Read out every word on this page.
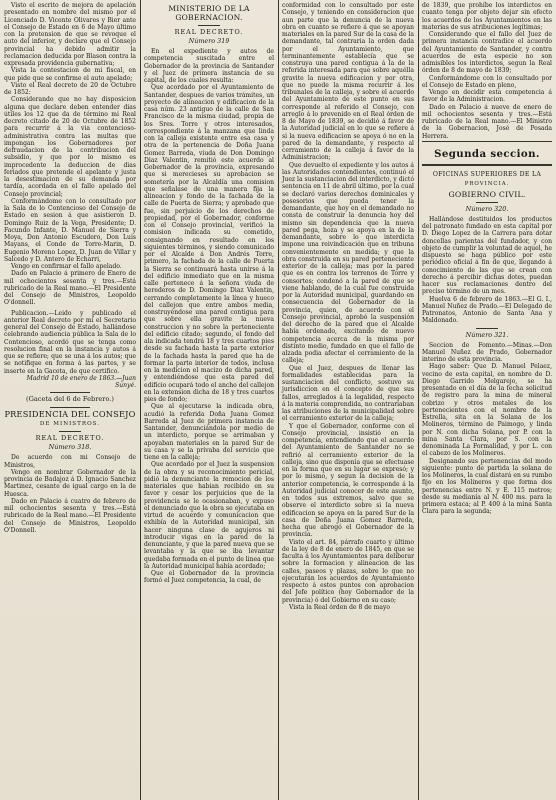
Visto el escrito de mejora de apelación presentado en nombre del mismo por el Licenciado D. Vicente Olivares y Bier ante el Consejo de Estado en 6 de Mayo último con la pretension de que se revoque el auto del inferior, y declare que el Consejo provincial ha debido admitir la reclamacion deducida por Blason contra la expresada providencia gubernativa;

Vista la contestacion de mi fiscal, en que pide que se confirme el auto apelado;

Visto el Real decreto de 20 de Octubre de 1852:

Considerando que no hay disposicion alguna que declare deben entender dias útiles los 12 que da de término mi Real decreto citado de 20 de Octubre de 1852 para recurrir á la via contencioso-administrativa contra las multas que impongan los Gobernadores por defraudacion de la contribucion del subsidio, y que por lo mismo es improcedente la deduccion de dias feriados que pretende el apelante y justa la desestimacion de su demanda por tardía, acordada en el fallo apelado del Consejo provincial;

Conformándome con lo consultado por la Sala de lo Contencioso del Consejo de Estado en sesion á que asistieron D. Domingo Ruiz de la Vega, Presidente; D. Facundo Infante, D. Manuel de Sierra y Moya, Don Antonio Escudero, Don Luis Mayans, el Conde de Torre-Marin, D. Eugenio Moreno Lopez, D. Juan de Villar y Salcedo y D. Antero de Echarri,

Vengo en confirmar el fallo apelado.

Dado en Palacio á primero de Enero de mil ochocientos sesenta y tres.—Está rubricado de la Real mano.—El Presidente del Consejo de Ministros, Leopoldo O'donnell.

Publicacion.—Leido y publicado el anterior Real decreto por mí el Secretario general del Consejo de Estado, hallándose celebrando audiencia pública la Sala de lo Contencioso, acordó que se tenga como resolucion final en la instancia y autos á que se refiere; que se una á los autos; que se notifique en forma á las partes, y se inserte en la Gaceta, de que certifico.

Madrid 10 de enero de 1863.—Juan Sunyé.

(Gaceta del 6 de Febrero.)

PRESIDENCIA DEL CONSEJO
DE MINISTROS.
REAL DECRETO.
Número 318.

De acuerdo con mi Consejo de Ministros,

Vengo en nombrar Gobernador de la provincia de Badajoz á D. Ignacio Sanchez Martinez, cesante de igual cargo en la de Huesca.

Dado en Palacio á cuatro de febrero de mil ochocientos sesenta y tres.—Está rubricado de la Real mano.—El Presidente del Consejo de Ministros, Leopoldo O'Donnell.

MINISTERIO DE LA GOBERNACION.
REAL DECRETO.
Número 319

En el expediente y autos de competencia suscitada entre el Gobernador de la provincia de Santander y el Juez de primera instancia de su capital, de los cuales resulta:

Que acordado por el Ayuntamiento de Santander, despues de varios trámites, un proyecto de alineacion y edificacion de la casa núm. 23 antiguo de la calle de San Francisco de la misma ciudad, propia de los Sres. Torre y otros interesados, correspondiente á la manzana que linda con la calleja existente entre esa casa y otra de la pertenencia de Doña Juana Gomez Barreda, viuda de Don Domingo Diaz Valentin, remitió este acuerdo al Gobernador de la provincia, expresando que si merecieses su aprobacion se sometería por la Alcaldía una comision que señalase de una manera fija la alineacion y fondo de la fachada de la calle de Puerta de Sierra; y aprobado que fue, sin perjuicio de los derechos de propiedad, por el Gobernador, conforme con el Consejo provincial, verificó la comision indicada su cometido, consignando en resultado en los siguientes términos, y siendo comunicado por el Alcalde á Don Andrés Torre, primero, la fachada de la calle de Puerta la Sierra se continuará hasta unirse á la del edificio inmediato que en la misma calle pertenece á la señora viuda de herederos de D. Domingo Diaz Valentin, cerrando completamente la línea y hueco del callejon que entre ambos media, construyéndose una pared contigua para que sobre ella gravite la nueva construccion y no sobre la perteneciente del edificio citado; segundo, el fondo del ala indicada tendrá 18 y tres cuartos pies desde su fachada hasta la parte exterior de la fachada hasta la pared que ha de formar la parte interior de todos, inclusa en la medicion el macizo de dicha pared, y entendiéndose que esta pared del edificio ocupará todo el ancho del callejon en la extension dicha de 18 y tres cuartos pies de fondo;

Que al ejecutarse la indicada obra, acudió la referida Doña Juana Gomez Barreda al Juez de primera instancia de Santander, denunciándola por medio de un interdicto, porque se arrimaban y apoyaban materiales en la pared Sur de su casa y se la privaba del servicio que tiene en la calleja;

Que acordado por el Juez la suspension de la obra y su reconocimiento pericial, pidió la denunciante la remocion de los materiales que habian recibido en su favor y cesar los perjuicios que de la providencia se le ocasionaban, y expuso el denunciado que la obra se ejecutaba en virtud de acuerdo y comunicacion que exhibía de la Autoridad municipal, sin hacer ninguna clase de agujeros ni introducir vigas en la pared de la denunciante, y que la pared nueva que se levantaba y la que se iba levantar quedaba formada en el punto de linea que la Autoridad municipal había acordado;

Que el Gobernador de la provincia formó el Juez competencia, la cual, de

conformidad con lo consultado por este Consejo, y teniendo en consideracion que aun parte que la denuncia de la nueva obra en cuanto se refiere á que se apoyan materiales en la pared Sur de la casa de la demandante, tal contraria la orden dada por el Ayuntamiento, que terminantemente establecía que se construya una pared contigua á la de la referida interesada para que sobre aquélla gravite la nueva edificacion y por otra, que no puede la misma recurrir á los tribunales de la calleja, y sobre el acuerdo del Ayuntamiento de este punto en sus corresponde al referido el Consejo, con arreglo á lo prevenido en el Real órden de 8 de Mayo de 1839, se decidió á favor de la Autoridad judicial en lo que se refiere á si la nueva edificacion se apoya ó no en la pared de la demandante, y respecto al cerramiento de la calleja á favor de la Administracion;

Que devuelto el expediente y los autos á las Autoridades contendientes, continuó el Juez la sustanciacion del interdicto, y dictó sentencia en 11 de abril último, por la cual se declaró varios derechos dominicales y posesorios que pueda tener la demandante, que hoy en el demandado no consta de construir la denuncia hoy del mismo sin dependencia que la nueva pared pega, hoza y se apoya en la de la demandante, sobre lo que interdicta impone una reivindicación que en tribuna convenientemente en medida; y que la obra construida en su pared perteneciente exterior de la calleja; mas por la pared que es en contra los terrenos de Torre y consortes; condenó a la pared de que se viene hablando, de la cual fue construida por la Autoridad municipal, guardando en consecuencia del Gobernador de la provincia, quien, de acuerdo con el Consejo provincial, aprobó la suspensión del derecho de la pared que el Alcalde había ordenado, excitando de nuevo competencia acerca de la misma por distinto medio, fundado en que el fallo de alzada podia afectar el cerramiento de la calleja;

Que el Juez, despues de llenar las formalidades establecidas para la sustanciacion del conflicto, sostuvo su jurisdiccion en el concepto de que sus fallos, arreglados á la legalidad, respecto á la materia comprendida, no contrariaban las atribuciones de la municipalidad sobre el cerramiento exterior de la calleja;

Y que el Gobernador, conforme con el Consejo provincial, insistió en la competencia, entendiendo que el acuerdo del Ayuntamiento de Santander no se refirió al cerramiento exterior de la calleja, sino que disponía que se efectuase en la forma que en su lugar se expresó; y por lo mismo, y segun la decision de la anterior competencia, le corresponde á la Autoridad judicial conocer de este asunto, en todos sus extremos, salvo que se observe el interdicto sobre si la nueva edificacion se apoya en la pared Sur de la casa de Doña Juana Gomez Barreda, hecha que abrogó el Gobernador de la provincia.

Visto el art. 84, párrafo cuarto y último de la ley de 8 de enero de 1845, en que se faculta á los Ayuntamientos para deliberar sobre la formacion y alineacion de las calles, paseos y plazas, sobre lo que no ejecutarán los acuerdos de Ayuntamiento respecto á estos puntos con aprobacion del Jefe político (hoy Gobernador de la provincia) ó del Gobierno en su caso;

Vista la Real órden de 8 de mayo

de 1839, que prohíbe los interdictos en cuanto tenga por objeto dejar sin efecto los acuerdos de los Ayuntamientos en las materias de sus atribuciones legítimas;

Considerando que el fallo del Juez de primera instancia contradice el acuerdo del Ayuntamiento de Santander, y contra acuerdos de esta especie no son admisibles los interdictos, segun la Real órden de 8 de mayo de 1839;

Conformándome con lo consultado por el Consejo de Estado en pleno,

Vengo en decidir esta competencia á favor de la Administracion.

Dado en Palacio á nueve de enero de mil ochocientos sesenta y tres.—Está rubricado de la Real mano.—El Ministro de la Gobernacion, José de Posada Herrera.

Segunda seccion.
OFICINAS SUPERIORES DE LA
PROVINCIA.
GOBIERNO CIVIL.
Número 320.

Hallándose destituidos los productos del patronato fundado en esta capital por D. Diego Lopez de la Carrera para dotar doncellas parientas del fundador, y con objeto de cumplir la voluntad de aquel, he dispuesto se haga público por este periódico oficial á fin de que, llegando á conocimiento de las que se crean con derecho á percibir dichas dotes, puedan hacer sus reclamaciones dentro del preciso término de un mes.

Huelva 6 de febrero de 1863.—El G. I., Manuel Nuñez de Prado.—El Delegado de Patronatos, Antonio de Santa Ana y Maldonado.

Número 321.

Seccion de Fomento.—Minas.—Don Manuel Nuñez de Prado, Gobernador interino de esta provincia.

Hago saber: Que D. Manuel Pelaez, vecino de esta capital, en nombre de D. Diego Garrido Melgarejo, se ha presentado en el día de la fecha solicitud de registro para la mina de mineral cobrizo y otros metales de los pertenecientes con el nombre de la Estrella, sita en la Solana de los Molineros, término de Paimogo, y linda por N. con dicha Solana, por P. con la mina Santa Clara, por S. con la denominada La Formalidad, y por L. con el cabezo de los Molineros.

Designando sus pertenencias del modo siguiente: punto de partida la solana de los Molineros, la cual distará en su rumbo fijo en los Molineros y que forma dos pertenencias entre N. y E. 115 metros; desde su medianía al N. 400 ms. para la primera estaca; al P. 400 á la mina Santa Clara para la segunda;
